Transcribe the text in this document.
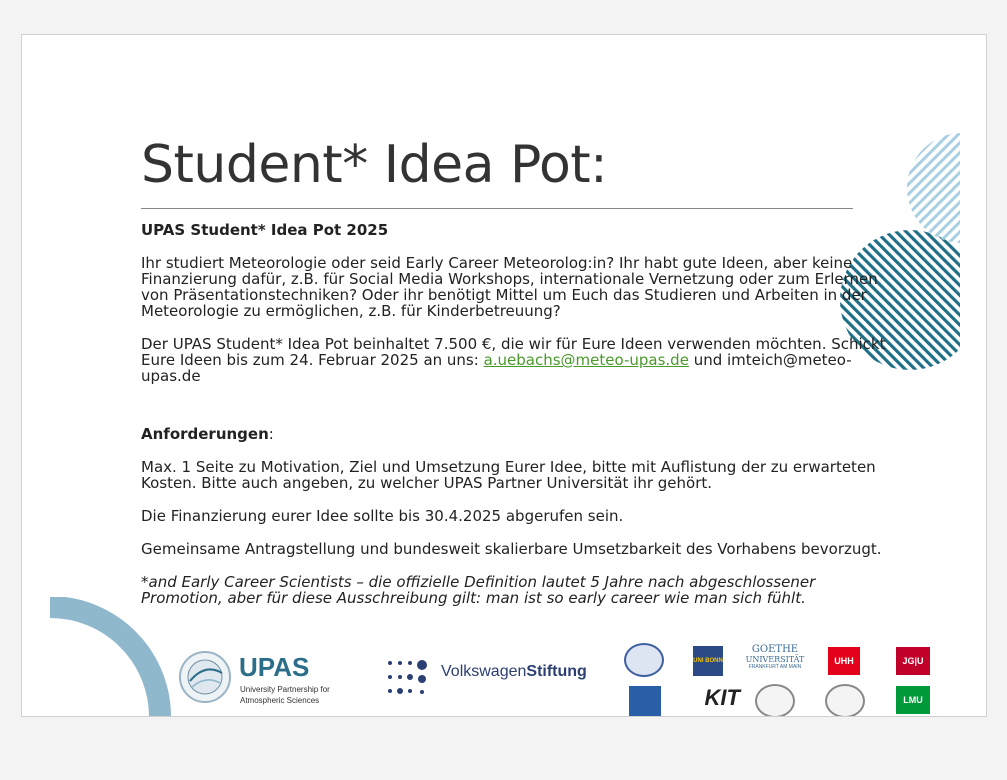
Student* Idea Pot:

UPAS Student* Idea Pot 2025

Ihr studiert Meteorologie oder seid Early Career Meteorolog:in? Ihr habt gute Ideen, aber keine Finanzierung dafür, z.B. für Social Media Workshops, internationale Vernetzung oder zum Erlernen von Präsentationstechniken? Oder ihr benötigt Mittel um Euch das Studieren und Arbeiten in der Meteorologie zu ermöglichen, z.B. für Kinderbetreuung?

Der UPAS Student* Idea Pot beinhaltet 7.500 €, die wir für Eure Ideen verwenden möchten. Schickt Eure Ideen bis zum 24. Februar 2025 an uns: a.uebachs@meteo-upas.de und imteich@meteo-upas.de

Anforderungen:

Max. 1 Seite zu Motivation, Ziel und Umsetzung Eurer Idee, bitte mit Auflistung der zu erwarteten Kosten. Bitte auch angeben, zu welcher UPAS Partner Universität ihr gehört.

Die Finanzierung eurer Idee sollte bis 30.4.2025 abgerufen sein.

Gemeinsame Antragstellung und bundesweit skalierbare Umsetzbarkeit des Vorhabens bevorzugt.

*and Early Career Scientists – die offizielle Definition lautet 5 Jahre nach abgeschlossener Promotion, aber für diese Ausschreibung gilt: man ist so early career wie man sich fühlt.

UPAS
University Partnership for
Atmospheric Sciences
VolkswagenStiftung
UNI BONN
GOETHE
UNIVERSITÄT
FRANKFURT AM MAIN
UHH	JG|U
KIT	LMU
